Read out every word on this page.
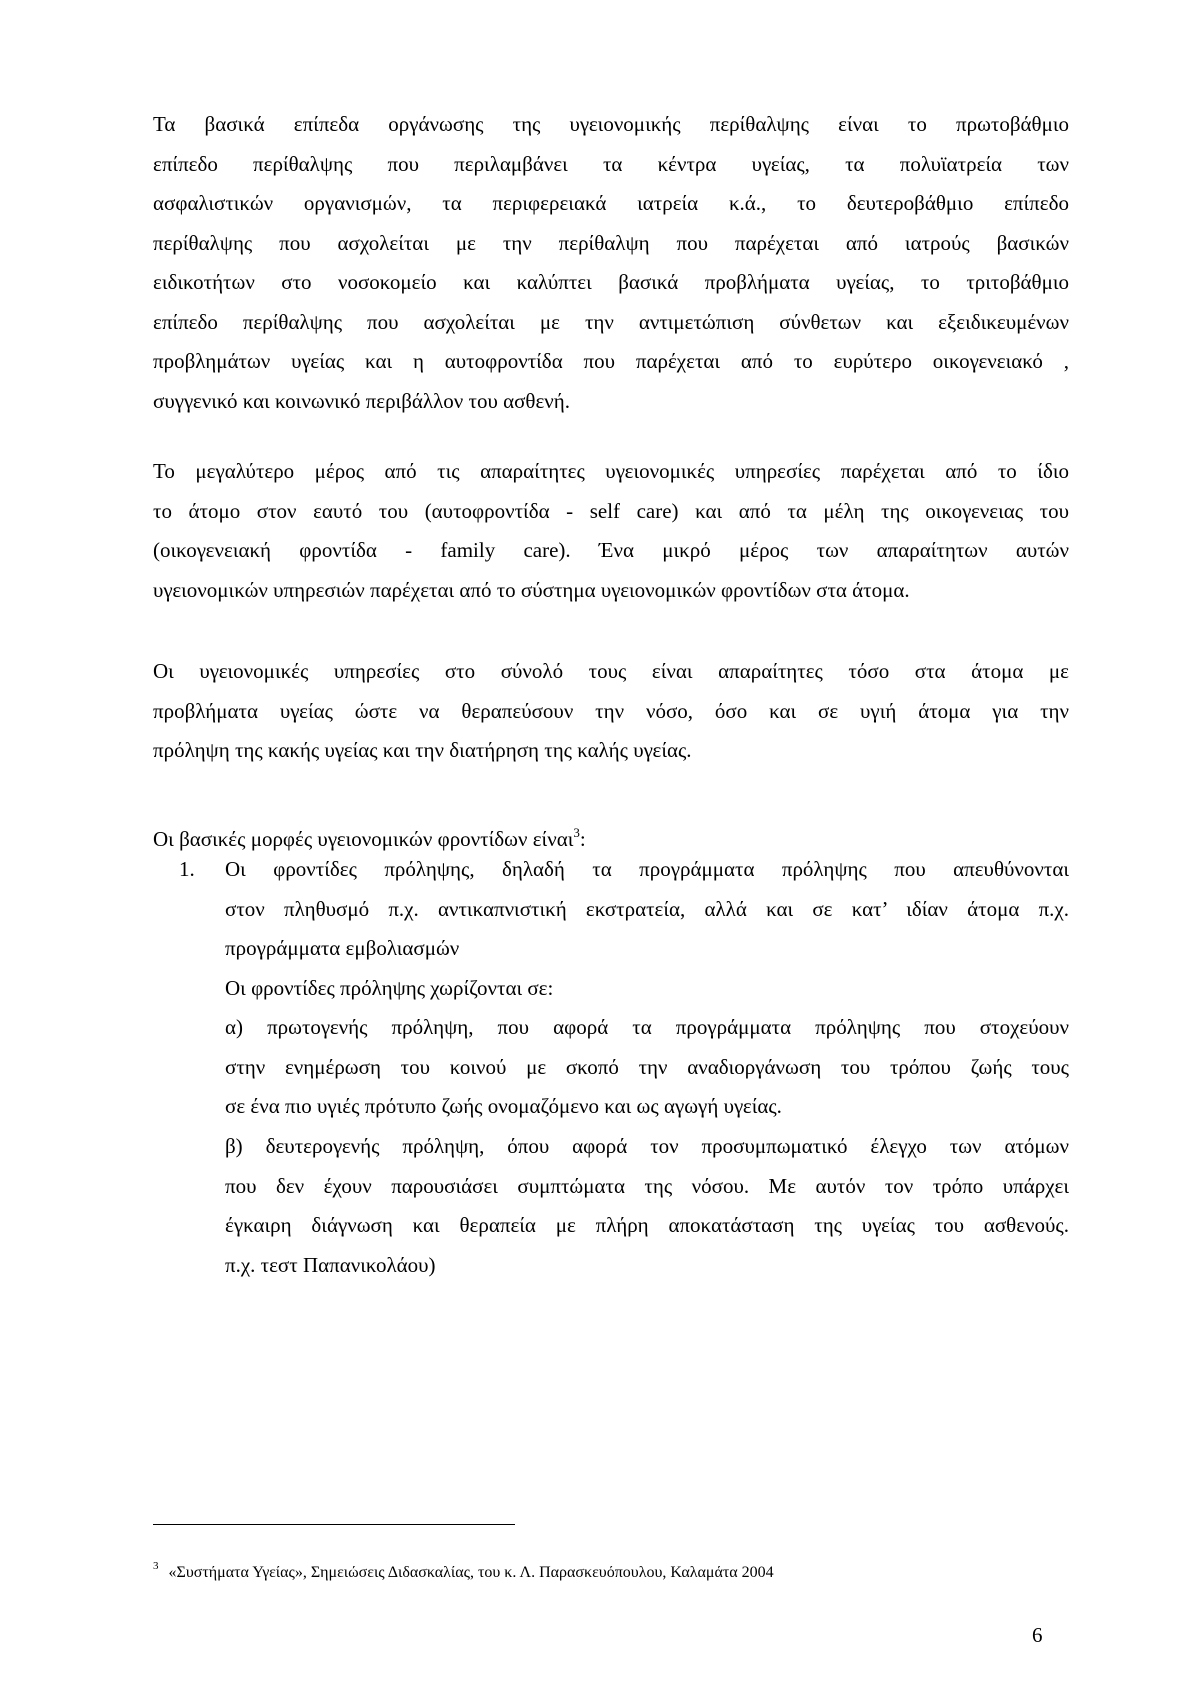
Τα βασικά επίπεδα οργάνωσης της υγειονομικής περίθαλψης είναι το πρωτοβάθμιο
επίπεδο περίθαλψης που περιλαμβάνει τα κέντρα υγείας, τα πολυϊατρεία των
ασφαλιστικών οργανισμών, τα περιφερειακά ιατρεία κ.ά., το δευτεροβάθμιο επίπεδο
περίθαλψης που ασχολείται με την περίθαλψη που παρέχεται από ιατρούς βασικών
ειδικοτήτων στο νοσοκομείο και καλύπτει βασικά προβλήματα υγείας, το τριτοβάθμιο
επίπεδο περίθαλψης που ασχολείται με την αντιμετώπιση σύνθετων και εξειδικευμένων
προβλημάτων υγείας και η αυτοφροντίδα που παρέχεται από το ευρύτερο οικογενειακό ,
συγγενικό και κοινωνικό περιβάλλον του ασθενή.
Το μεγαλύτερο μέρος από τις απαραίτητες υγειονομικές υπηρεσίες παρέχεται από το ίδιο
το άτομο στον εαυτό του (αυτοφροντίδα - self care) και από τα μέλη της οικογενειας του
(οικογενειακή φροντίδα - family care). Ένα μικρό μέρος των απαραίτητων αυτών
υγειονομικών υπηρεσιών παρέχεται από το σύστημα υγειονομικών φροντίδων στα άτομα.
Οι υγειονομικές υπηρεσίες στο σύνολό τους είναι απαραίτητες τόσο στα άτομα με
προβλήματα υγείας ώστε να θεραπεύσουν την νόσο, όσο και σε υγιή άτομα για την
πρόληψη της κακής υγείας και την διατήρηση της καλής υγείας.
Οι βασικές μορφές υγειονομικών φροντίδων είναι$^3$:
1. Οι φροντίδες πρόληψης, δηλαδή τα προγράμματα πρόληψης που απευθύνονται
στον πληθυσμό π.χ. αντικαπνιστική εκστρατεία, αλλά και σε κατ’ ιδίαν άτομα π.χ.
προγράμματα εμβολιασμών
Οι φροντίδες πρόληψης χωρίζονται σε:
α) πρωτογενής πρόληψη, που αφορά τα προγράμματα πρόληψης που στοχεύουν
στην ενημέρωση του κοινού με σκοπό την αναδιοργάνωση του τρόπου ζωής τους
σε ένα πιο υγιές πρότυπο ζωής ονομαζόμενο και ως αγωγή υγείας.
β) δευτερογενής πρόληψη, όπου αφορά τον προσυμπωματικό έλεγχο των ατόμων
που δεν έχουν παρουσιάσει συμπτώματα της νόσου. Με αυτόν τον τρόπο υπάρχει
έγκαιρη διάγνωση και θεραπεία με πλήρη αποκατάσταση της υγείας του ασθενούς.
π.χ. τεστ Παπανικολάου)
$^3$ «Συστήματα Υγείας», Σημειώσεις Διδασκαλίας, του κ. Λ. Παρασκευόπουλου, Καλαμάτα 2004
6
